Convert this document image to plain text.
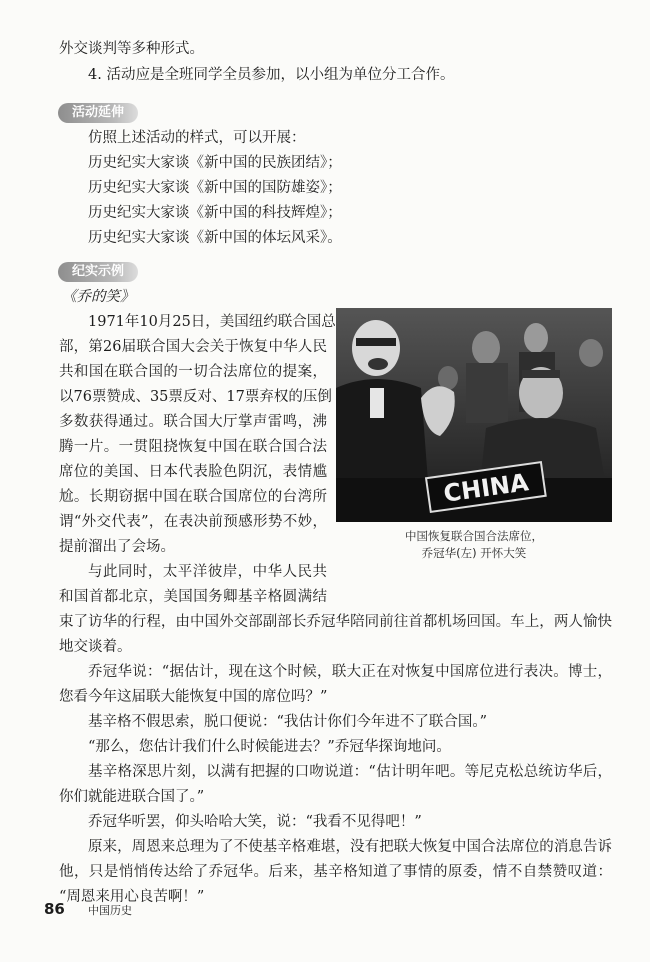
外交谈判等多种形式。
4. 活动应是全班同学全员参加，以小组为单位分工合作。
活动延伸
仿照上述活动的样式，可以开展：
历史纪实大家谈《新中国的民族团结》；
历史纪实大家谈《新中国的国防雄姿》；
历史纪实大家谈《新中国的科技辉煌》；
历史纪实大家谈《新中国的体坛风采》。
纪实示例
《乔的笑》
1971年10月25日，美国纽约联合国总
部，第26届联合国大会关于恢复中华人民
共和国在联合国的一切合法席位的提案，
以76票赞成、35票反对、17票弃权的压倒
多数获得通过。联合国大厅掌声雷鸣，沸
腾一片。一贯阻挠恢复中国在联合国合法
席位的美国、日本代表脸色阴沉，表情尴
尬。长期窃据中国在联合国席位的台湾所
谓“外交代表”，在表决前预感形势不妙，
提前溜出了会场。
与此同时，太平洋彼岸，中华人民共
和国首都北京，美国国务卿基辛格圆满结
CHINA
中国恢复联合国合法席位，
乔冠华(左) 开怀大笑
束了访华的行程，由中国外交部副部长乔冠华陪同前往首都机场回国。车上，两人愉快
地交谈着。
乔冠华说：“据估计，现在这个时候，联大正在对恢复中国席位进行表决。博士，
您看今年这届联大能恢复中国的席位吗？”
基辛格不假思索，脱口便说：“我估计你们今年进不了联合国。”
“那么，您估计我们什么时候能进去？”乔冠华探询地问。
基辛格深思片刻，以满有把握的口吻说道：“估计明年吧。等尼克松总统访华后，
你们就能进联合国了。”
乔冠华听罢，仰头哈哈大笑，说：“我看不见得吧！”
原来，周恩来总理为了不使基辛格难堪，没有把联大恢复中国合法席位的消息告诉
他，只是悄悄传达给了乔冠华。后来，基辛格知道了事情的原委，情不自禁赞叹道：
“周恩来用心良苦啊！”
86 中国历史
